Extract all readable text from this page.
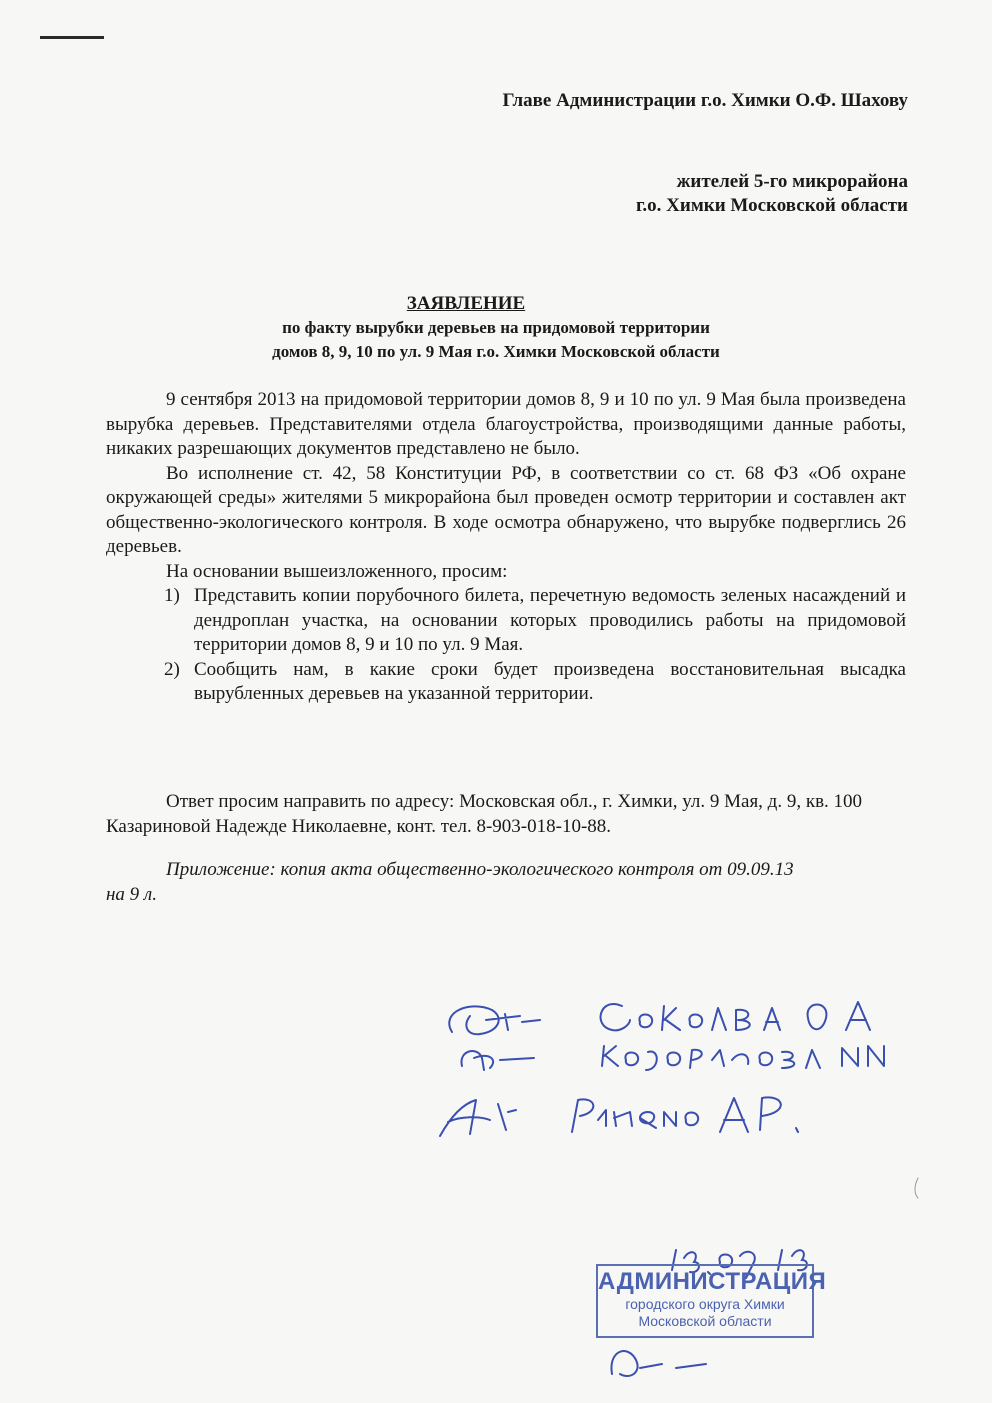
Главе Администрации г.о. Химки О.Ф. Шахову
жителей 5-го микрорайона
г.о. Химки Московской области
ЗАЯВЛЕНИЕ
по факту вырубки деревьев на придомовой территории
домов 8, 9, 10 по ул. 9 Мая г.о. Химки Московской области

9 сентября 2013 на придомовой территории домов 8, 9 и 10 по ул. 9 Мая была произведена вырубка деревьев. Представителями отдела благоустройства, производящими данные работы, никаких разрешающих документов представлено не было.

Во исполнение ст. 42, 58 Конституции РФ, в соответствии со ст. 68 ФЗ «Об охране окружающей среды» жителями 5 микрорайона был проведен осмотр территории и составлен акт общественно-экологического контроля. В ходе осмотра обнаружено, что вырубке подверглись 26 деревьев.

На основании вышеизложенного, просим:

1) Представить копии порубочного билета, перечетную ведомость зеленых насаждений и дендроплан участка, на основании которых проводились работы на придомовой территории домов 8, 9 и 10 по ул. 9 Мая.
2) Сообщить нам, в какие сроки будет произведена восстановительная высадка вырубленных деревьев на указанной территории.
Ответ просим направить по адресу: Московская обл., г. Химки, ул. 9 Мая, д. 9, кв. 100
Казариновой Надежде Николаевне, конт. тел. 8-903-018-10-88.
Приложение: копия акта общественно-экологического контроля от 09.09.13
на 9 л.
АДМИНИСТРАЦИЯ
городского округа Химки
Московской области
